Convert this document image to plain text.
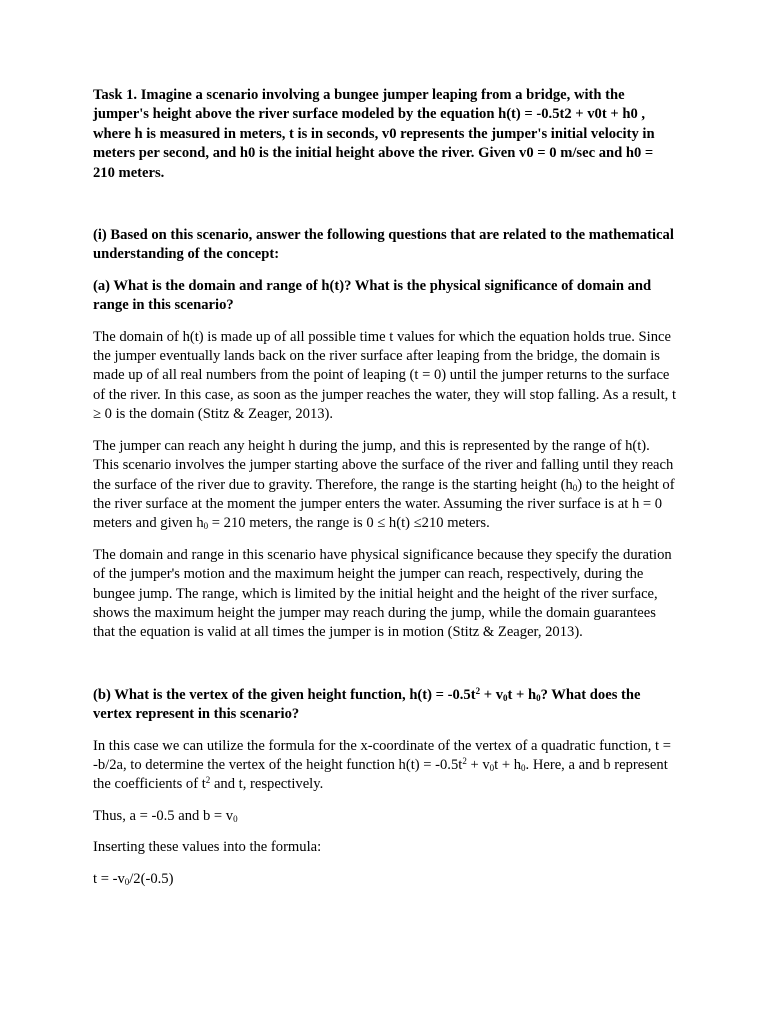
Task 1. Imagine a scenario involving a bungee jumper leaping from a bridge, with the jumper's height above the river surface modeled by the equation h(t) = -0.5t2 + v0t + h0 , where h is measured in meters, t is in seconds, v0 represents the jumper's initial velocity in meters per second, and h0 is the initial height above the river. Given v0 = 0 m/sec and h0 = 210 meters.

(i) Based on this scenario, answer the following questions that are related to the mathematical understanding of the concept:

(a) What is the domain and range of h(t)? What is the physical significance of domain and range in this scenario?

The domain of h(t) is made up of all possible time t values for which the equation holds true. Since the jumper eventually lands back on the river surface after leaping from the bridge, the domain is made up of all real numbers from the point of leaping (t = 0) until the jumper returns to the surface of the river. In this case, as soon as the jumper reaches the water, they will stop falling. As a result, t ≥ 0 is the domain (Stitz & Zeager, 2013).

The jumper can reach any height h during the jump, and this is represented by the range of h(t). This scenario involves the jumper starting above the surface of the river and falling until they reach the surface of the river due to gravity. Therefore, the range is the starting height $(h_0)$ to the height of the river surface at the moment the jumper enters the water. Assuming the river surface is at h = 0 meters and given $h_0 = 210$ meters, the range is 0 ≤ h(t) ≤210 meters.

The domain and range in this scenario have physical significance because they specify the duration of the jumper's motion and the maximum height the jumper can reach, respectively, during the bungee jump. The range, which is limited by the initial height and the height of the river surface, shows the maximum height the jumper may reach during the jump, while the domain guarantees that the equation is valid at all times the jumper is in motion (Stitz & Zeager, 2013).

(b) What is the vertex of the given height function, $h(t) = -0.5t^2 + v_0t + h_0$? What does the vertex represent in this scenario?

In this case we can utilize the formula for the x-coordinate of the vertex of a quadratic function, t = -b/2a, to determine the vertex of the height function $h(t) = -0.5t^2 + v_0t + h_0$. Here, a and b represent the coefficients of $t^2$ and t, respectively.

Thus, a = -0.5 and $b = v_0$

Inserting these values into the formula:

$t = -v_0/2(-0.5)$
